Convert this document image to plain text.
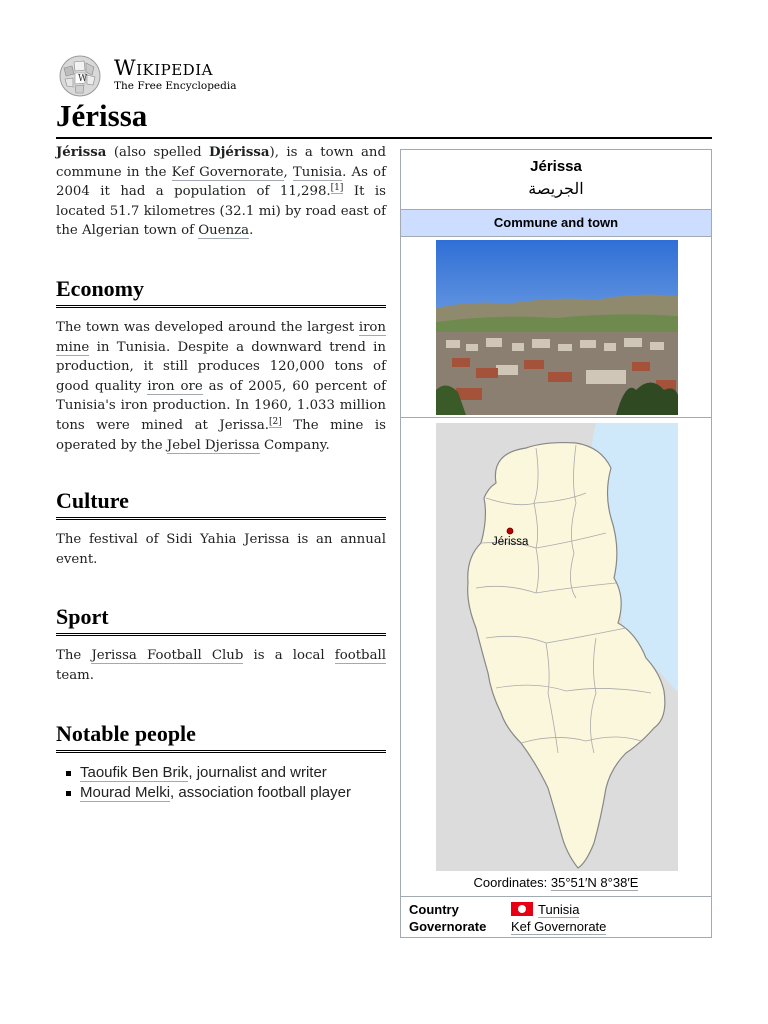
W Wikipedia
The Free Encyclopedia
Jérissa

Jérissa (also spelled Djérissa), is a town and commune in the Kef Governorate, Tunisia. As of 2004 it had a population of 11,298.[1] It is located 51.7 kilometres (32.1 mi) by road east of the Algerian town of Ouenza.

Economy

The town was developed around the largest iron mine in Tunisia. Despite a downward trend in production, it still produces 120,000 tons of good quality iron ore as of 2005, 60 percent of Tunisia's iron production. In 1960, 1.033 million tons were mined at Jerissa.[2] The mine is operated by the Jebel Djerissa Company.

Culture

The festival of Sidi Yahia Jerissa is an annual event.

Sport

The Jerissa Football Club is a local football team.

Notable people
Taoufik Ben Brik, journalist and writer
Mourad Melki, association football player
Jérissa
الجريصة
Commune and town
Jérissa
Coordinates: 35°51′N 8°38′E
Country	Tunisia
Governorate Kef Governorate
